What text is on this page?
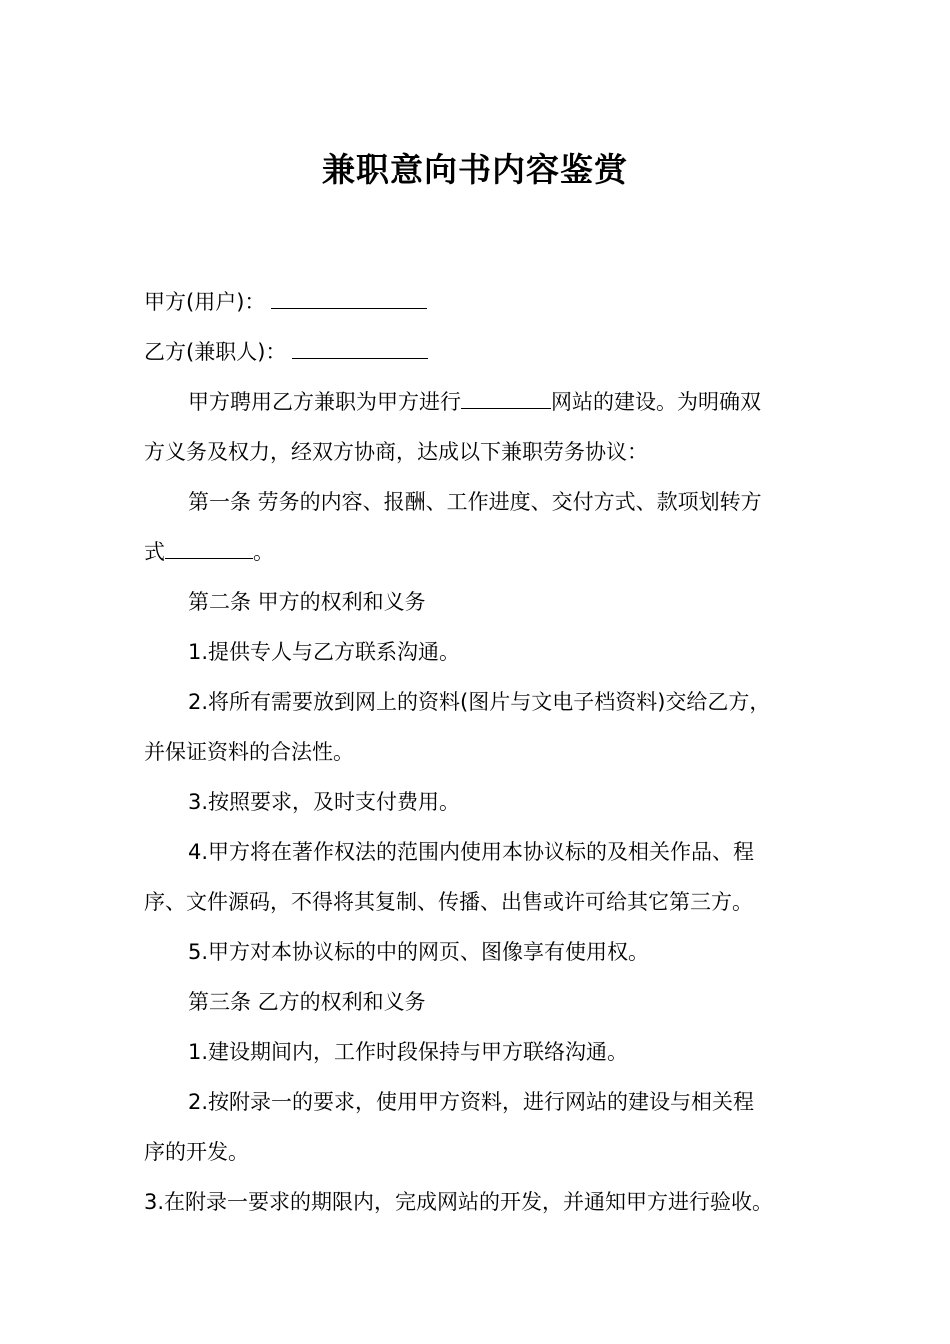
兼职意向书内容鉴赏
甲方(用户)：
乙方(兼职人)：
甲方聘用乙方兼职为甲方进行	网站的建设。为明确双
方义务及权力，经双方协商，达成以下兼职劳务协议：
第一条 劳务的内容、报酬、工作进度、交付方式、款项划转方
式	。
第二条 甲方的权利和义务
1.提供专人与乙方联系沟通。
2.将所有需要放到网上的资料(图片与文电子档资料)交给乙方，
并保证资料的合法性。
3.按照要求，及时支付费用。
4.甲方将在著作权法的范围内使用本协议标的及相关作品、程
序、文件源码，不得将其复制、传播、出售或许可给其它第三方。
5.甲方对本协议标的中的网页、图像享有使用权。
第三条 乙方的权利和义务
1.建设期间内，工作时段保持与甲方联络沟通。
2.按附录一的要求，使用甲方资料，进行网站的建设与相关程
序的开发。
3.在附录一要求的期限内，完成网站的开发，并通知甲方进行验收。
